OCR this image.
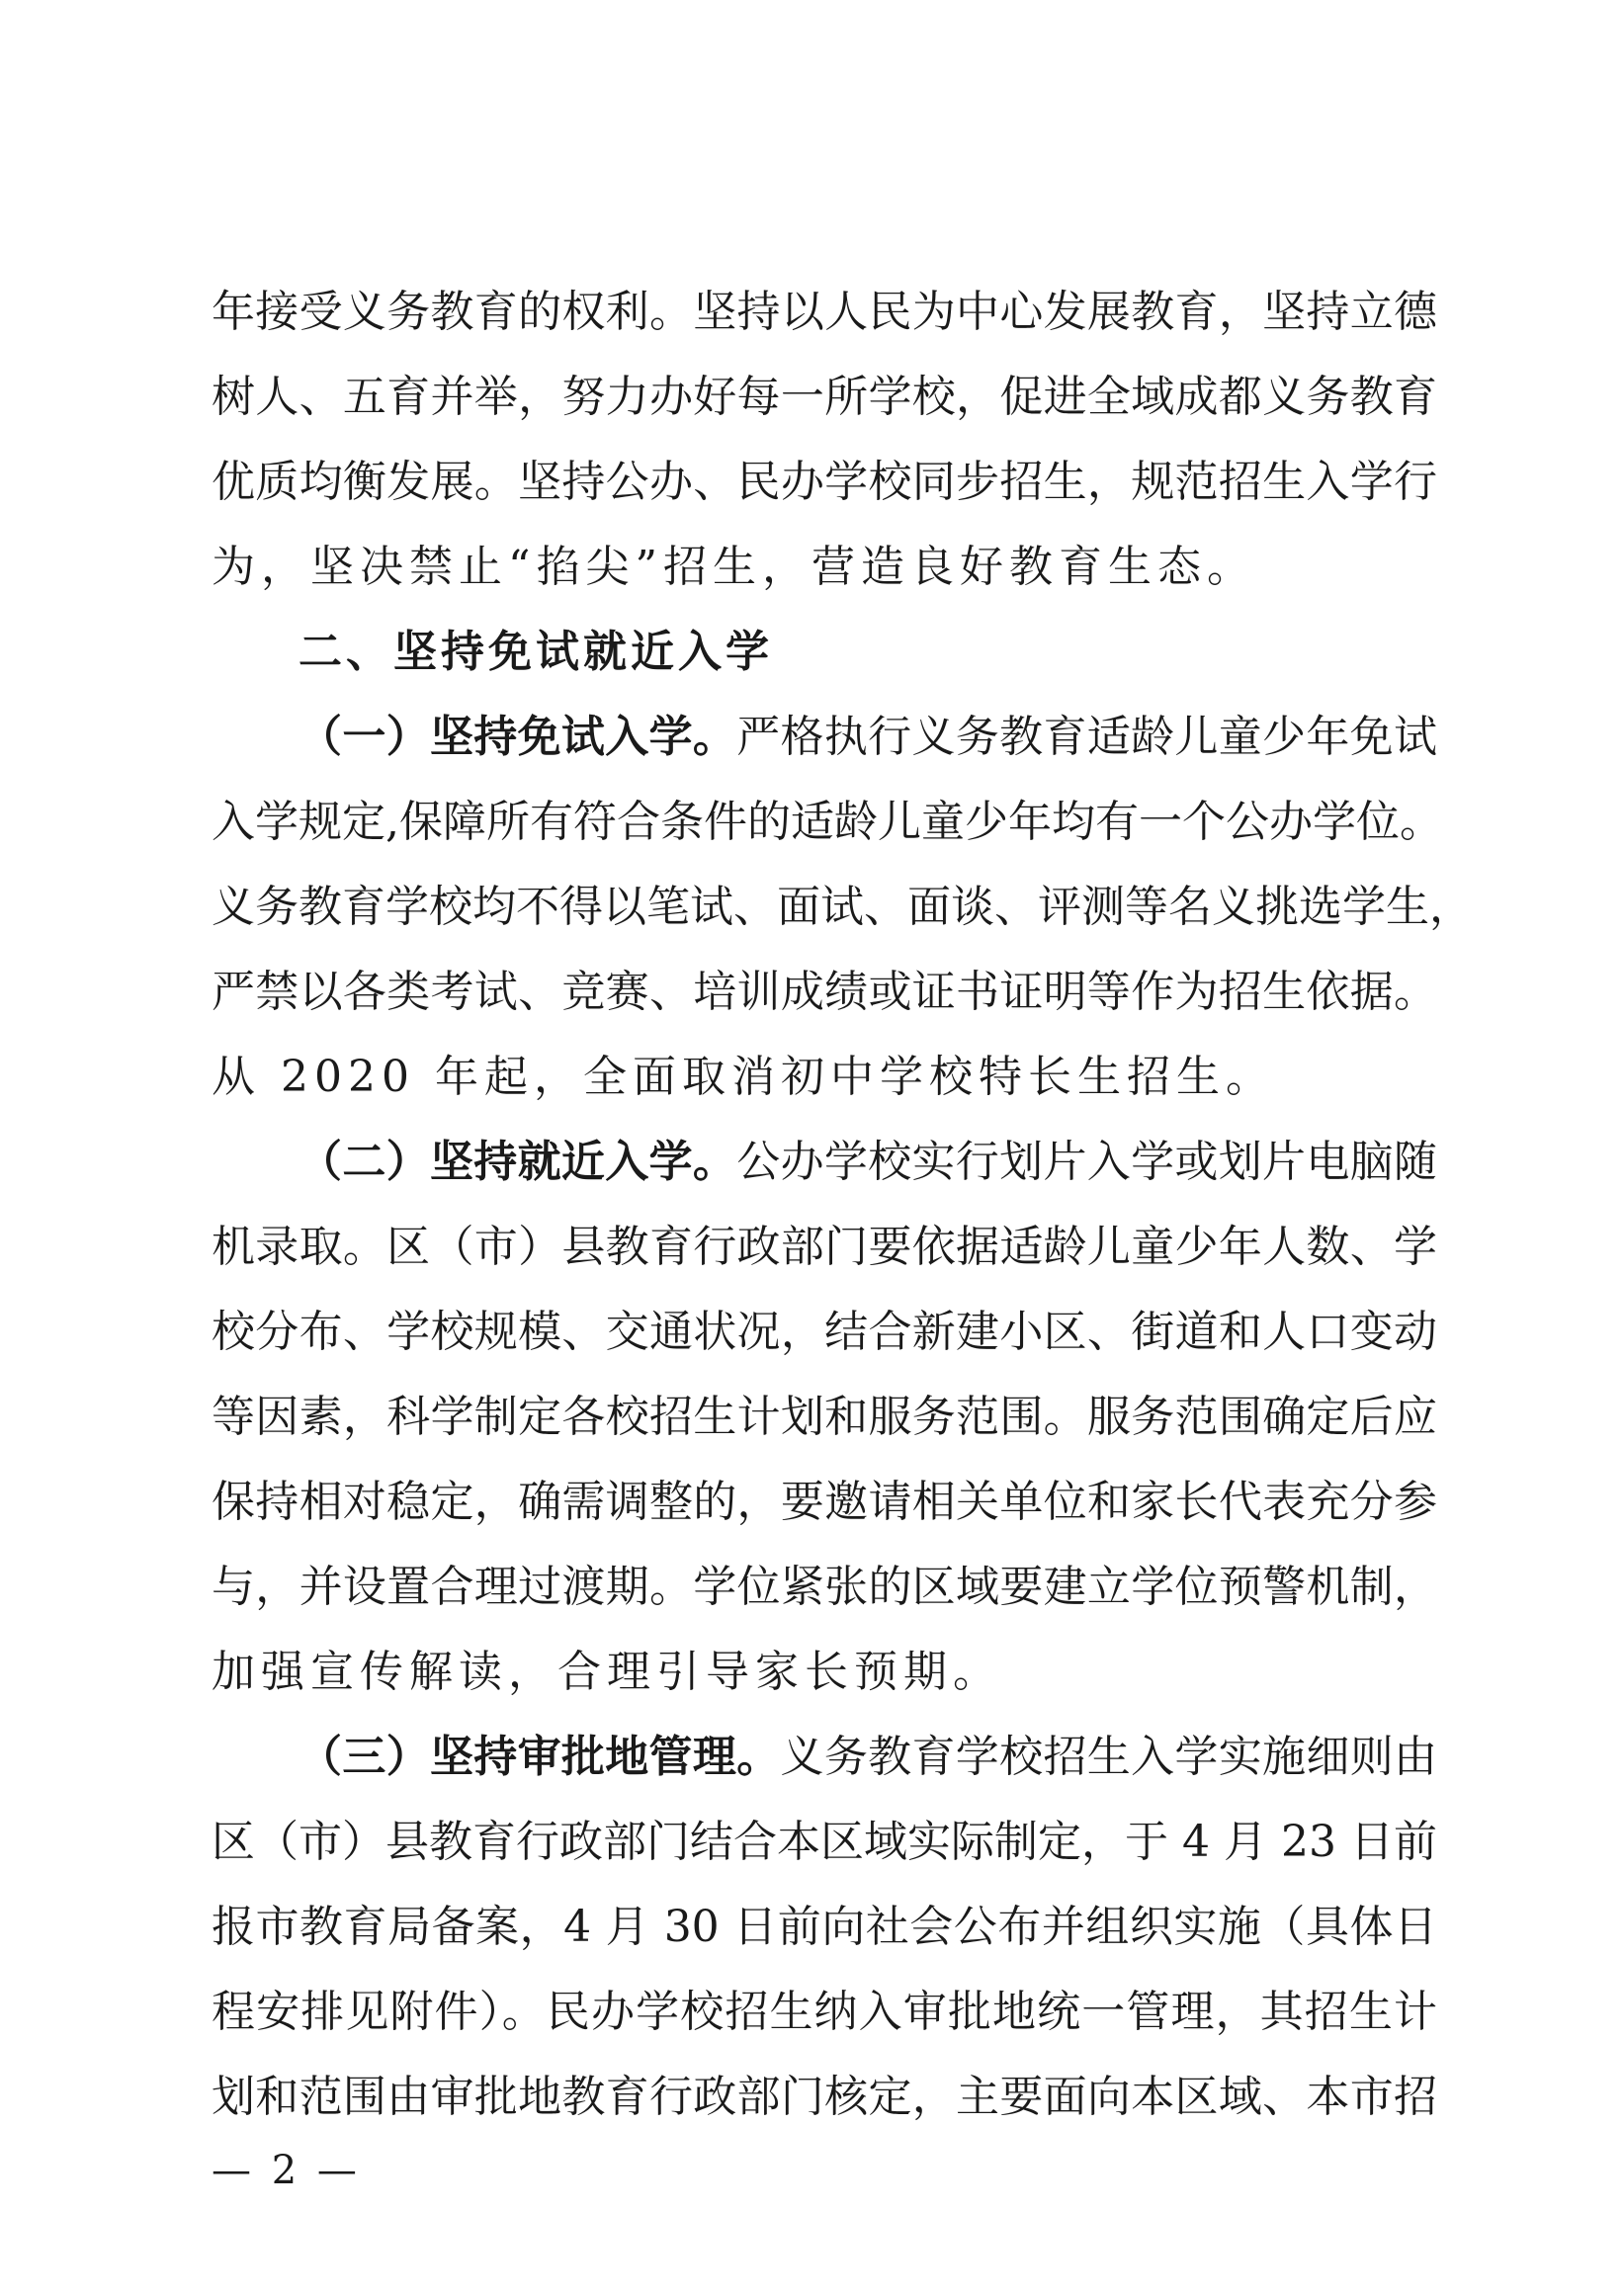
年接受义务教育的权利。坚持以人民为中心发展教育，坚持立德
树人、五育并举，努力办好每一所学校，促进全域成都义务教育
优质均衡发展。坚持公办、民办学校同步招生，规范招生入学行
为，坚决禁止“掐尖”招生，营造良好教育生态。
二、坚持免试就近入学
（一）坚持免试入学。严格执行义务教育适龄儿童少年免试
入学规定,保障所有符合条件的适龄儿童少年均有一个公办学位。
义务教育学校均不得以笔试、面试、面谈、评测等名义挑选学生，
严禁以各类考试、竞赛、培训成绩或证书证明等作为招生依据。
从 2020 年起，全面取消初中学校特长生招生。
（二）坚持就近入学。公办学校实行划片入学或划片电脑随
机录取。区（市）县教育行政部门要依据适龄儿童少年人数、学
校分布、学校规模、交通状况，结合新建小区、街道和人口变动
等因素，科学制定各校招生计划和服务范围。服务范围确定后应
保持相对稳定，确需调整的，要邀请相关单位和家长代表充分参
与，并设置合理过渡期。学位紧张的区域要建立学位预警机制，
加强宣传解读，合理引导家长预期。
（三）坚持审批地管理。义务教育学校招生入学实施细则由
区（市）县教育行政部门结合本区域实际制定，于 4 月 23 日前
报市教育局备案，4 月 30 日前向社会公布并组织实施（具体日
程安排见附件）。民办学校招生纳入审批地统一管理，其招生计
划和范围由审批地教育行政部门核定，主要面向本区域、本市招
— 2 —
